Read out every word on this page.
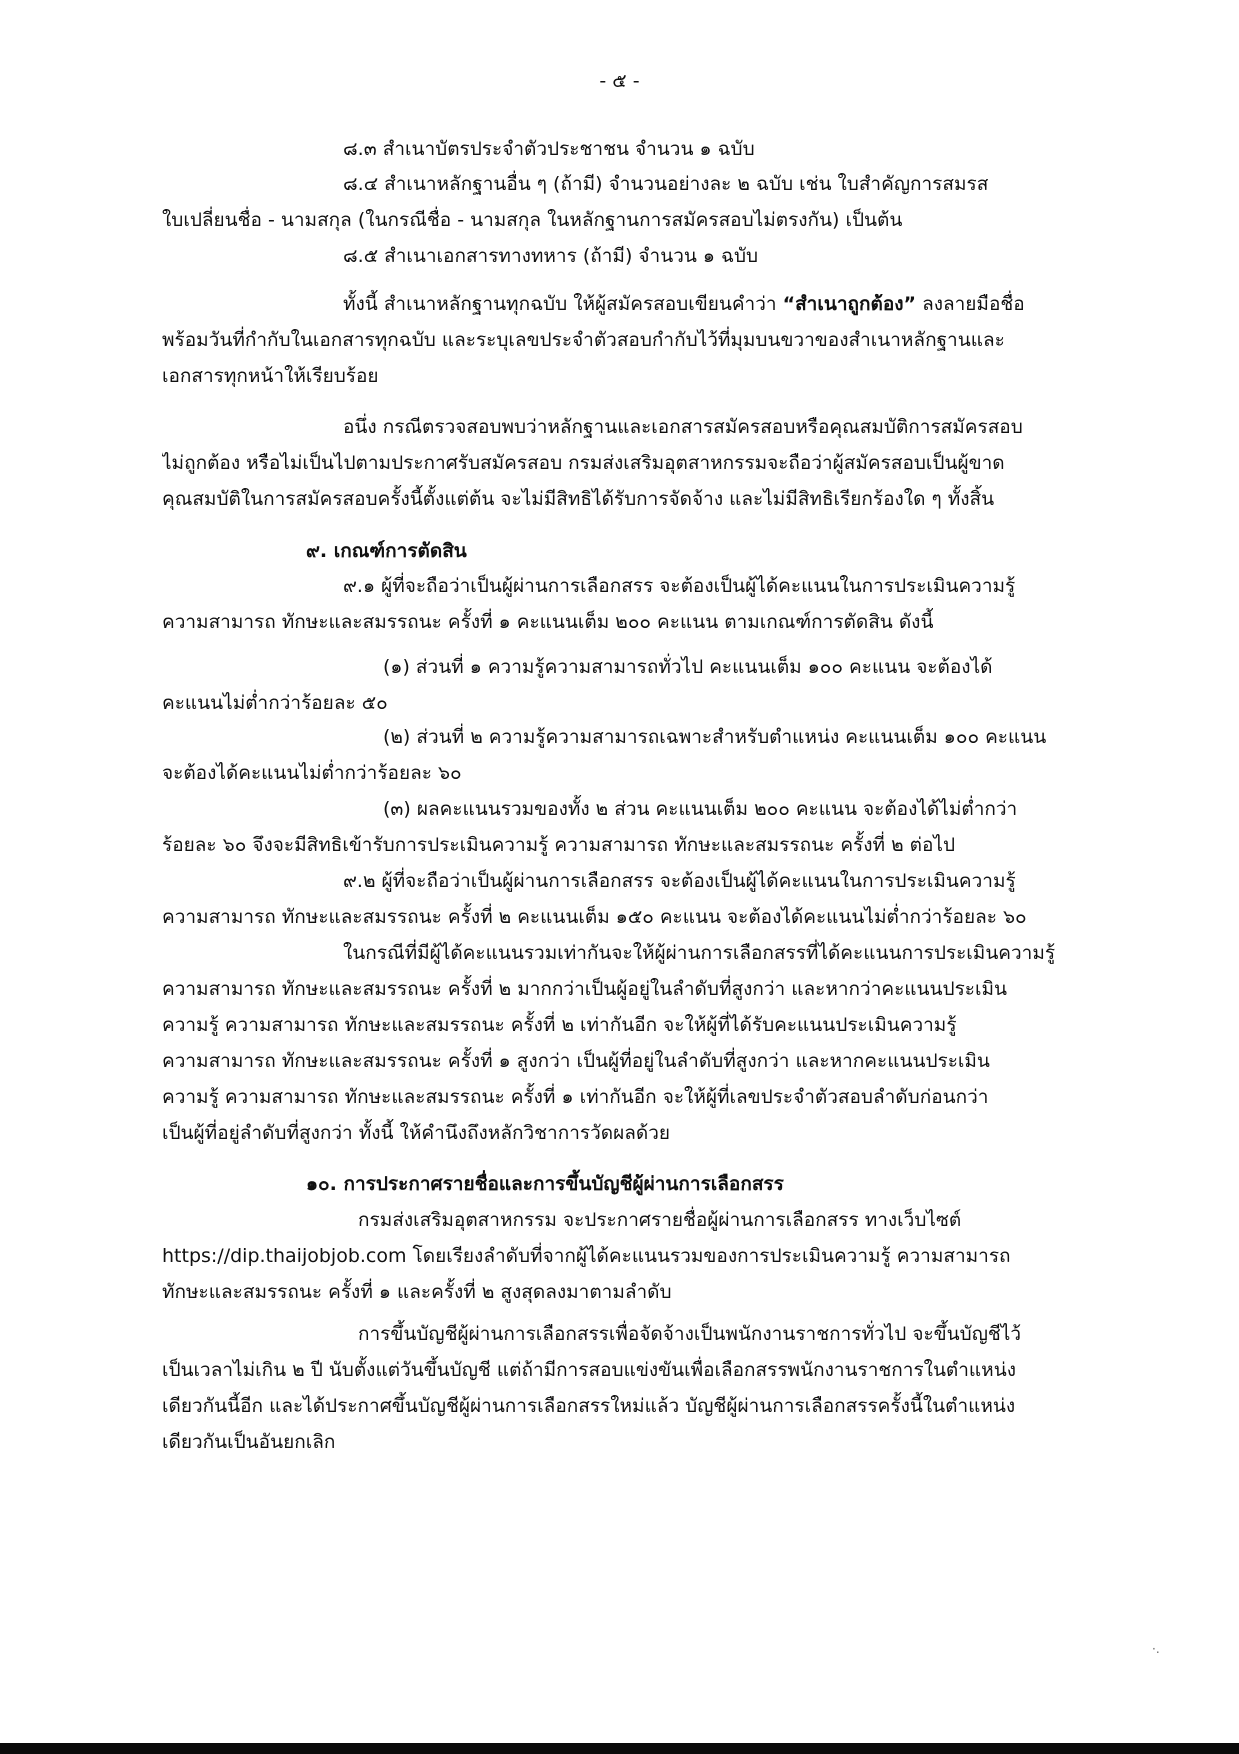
- ๕ -
๘.๓ สำเนาบัตรประจำตัวประชาชน จำนวน ๑ ฉบับ
๘.๔ สำเนาหลักฐานอื่น ๆ (ถ้ามี) จำนวนอย่างละ ๒ ฉบับ เช่น ใบสำคัญการสมรส
ใบเปลี่ยนชื่อ - นามสกุล (ในกรณีชื่อ - นามสกุล ในหลักฐานการสมัครสอบไม่ตรงกัน) เป็นต้น
๘.๕ สำเนาเอกสารทางทหาร (ถ้ามี) จำนวน ๑ ฉบับ
ทั้งนี้ สำเนาหลักฐานทุกฉบับ ให้ผู้สมัครสอบเขียนคำว่า “สำเนาถูกต้อง” ลงลายมือชื่อ
พร้อมวันที่กำกับในเอกสารทุกฉบับ และระบุเลขประจำตัวสอบกำกับไว้ที่มุมบนขวาของสำเนาหลักฐานและ
เอกสารทุกหน้าให้เรียบร้อย
อนึ่ง กรณีตรวจสอบพบว่าหลักฐานและเอกสารสมัครสอบหรือคุณสมบัติการสมัครสอบ
ไม่ถูกต้อง หรือไม่เป็นไปตามประกาศรับสมัครสอบ กรมส่งเสริมอุตสาหกรรมจะถือว่าผู้สมัครสอบเป็นผู้ขาด
คุณสมบัติในการสมัครสอบครั้งนี้ตั้งแต่ต้น จะไม่มีสิทธิได้รับการจัดจ้าง และไม่มีสิทธิเรียกร้องใด ๆ ทั้งสิ้น
๙. เกณฑ์การตัดสิน
๙.๑ ผู้ที่จะถือว่าเป็นผู้ผ่านการเลือกสรร จะต้องเป็นผู้ได้คะแนนในการประเมินความรู้
ความสามารถ ทักษะและสมรรถนะ ครั้งที่ ๑ คะแนนเต็ม ๒๐๐ คะแนน ตามเกณฑ์การตัดสิน ดังนี้
(๑) ส่วนที่ ๑ ความรู้ความสามารถทั่วไป คะแนนเต็ม ๑๐๐ คะแนน จะต้องได้
คะแนนไม่ต่ำกว่าร้อยละ ๕๐
(๒) ส่วนที่ ๒ ความรู้ความสามารถเฉพาะสำหรับตำแหน่ง คะแนนเต็ม ๑๐๐ คะแนน
จะต้องได้คะแนนไม่ต่ำกว่าร้อยละ ๖๐
(๓) ผลคะแนนรวมของทั้ง ๒ ส่วน คะแนนเต็ม ๒๐๐ คะแนน จะต้องได้ไม่ต่ำกว่า
ร้อยละ ๖๐ จึงจะมีสิทธิเข้ารับการประเมินความรู้ ความสามารถ ทักษะและสมรรถนะ ครั้งที่ ๒ ต่อไป
๙.๒ ผู้ที่จะถือว่าเป็นผู้ผ่านการเลือกสรร จะต้องเป็นผู้ได้คะแนนในการประเมินความรู้
ความสามารถ ทักษะและสมรรถนะ ครั้งที่ ๒ คะแนนเต็ม ๑๕๐ คะแนน จะต้องได้คะแนนไม่ต่ำกว่าร้อยละ ๖๐
ในกรณีที่มีผู้ได้คะแนนรวมเท่ากันจะให้ผู้ผ่านการเลือกสรรที่ได้คะแนนการประเมินความรู้
ความสามารถ ทักษะและสมรรถนะ ครั้งที่ ๒ มากกว่าเป็นผู้อยู่ในลำดับที่สูงกว่า และหากว่าคะแนนประเมิน
ความรู้ ความสามารถ ทักษะและสมรรถนะ ครั้งที่ ๒ เท่ากันอีก จะให้ผู้ที่ได้รับคะแนนประเมินความรู้
ความสามารถ ทักษะและสมรรถนะ ครั้งที่ ๑ สูงกว่า เป็นผู้ที่อยู่ในลำดับที่สูงกว่า และหากคะแนนประเมิน
ความรู้ ความสามารถ ทักษะและสมรรถนะ ครั้งที่ ๑ เท่ากันอีก จะให้ผู้ที่เลขประจำตัวสอบลำดับก่อนกว่า
เป็นผู้ที่อยู่ลำดับที่สูงกว่า ทั้งนี้ ให้คำนึงถึงหลักวิชาการวัดผลด้วย
๑๐. การประกาศรายชื่อและการขึ้นบัญชีผู้ผ่านการเลือกสรร
กรมส่งเสริมอุตสาหกรรม จะประกาศรายชื่อผู้ผ่านการเลือกสรร ทางเว็บไซต์
https://dip.thaijobjob.com โดยเรียงลำดับที่จากผู้ได้คะแนนรวมของการประเมินความรู้ ความสามารถ
ทักษะและสมรรถนะ ครั้งที่ ๑ และครั้งที่ ๒ สูงสุดลงมาตามลำดับ
การขึ้นบัญชีผู้ผ่านการเลือกสรรเพื่อจัดจ้างเป็นพนักงานราชการทั่วไป จะขึ้นบัญชีไว้
เป็นเวลาไม่เกิน ๒ ปี นับตั้งแต่วันขึ้นบัญชี แต่ถ้ามีการสอบแข่งขันเพื่อเลือกสรรพนักงานราชการในตำแหน่ง
เดียวกันนี้อีก และได้ประกาศขึ้นบัญชีผู้ผ่านการเลือกสรรใหม่แล้ว บัญชีผู้ผ่านการเลือกสรรครั้งนี้ในตำแหน่ง
เดียวกันเป็นอันยกเลิก
·.
